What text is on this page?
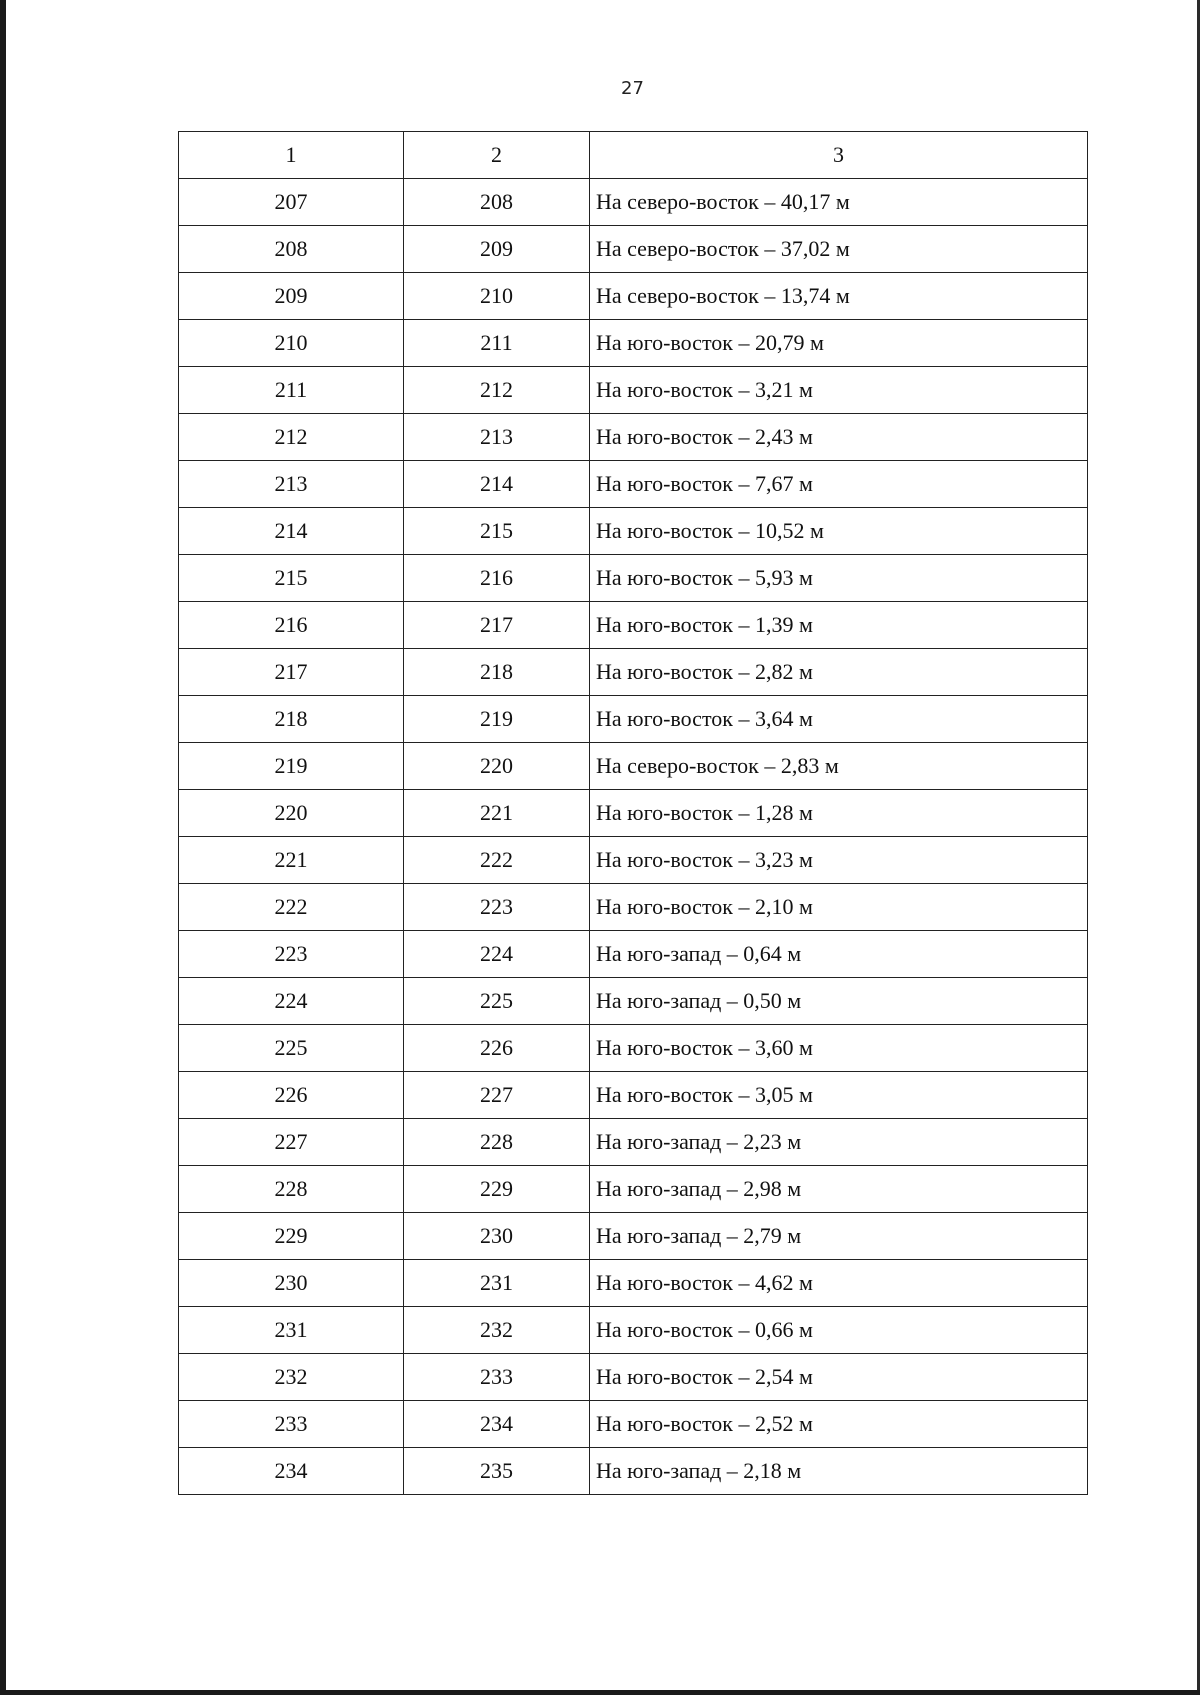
27
1	2	3
207	208	На северо-восток – 40,17 м
208	209	На северо-восток – 37,02 м
209	210	На северо-восток – 13,74 м
210	211	На юго-восток – 20,79 м
211	212	На юго-восток – 3,21 м
212	213	На юго-восток – 2,43 м
213	214	На юго-восток – 7,67 м
214	215	На юго-восток – 10,52 м
215	216	На юго-восток – 5,93 м
216	217	На юго-восток – 1,39 м
217	218	На юго-восток – 2,82 м
218	219	На юго-восток – 3,64 м
219	220	На северо-восток – 2,83 м
220	221	На юго-восток – 1,28 м
221	222	На юго-восток – 3,23 м
222	223	На юго-восток – 2,10 м
223	224	На юго-запад – 0,64 м
224	225	На юго-запад – 0,50 м
225	226	На юго-восток – 3,60 м
226	227	На юго-восток – 3,05 м
227	228	На юго-запад – 2,23 м
228	229	На юго-запад – 2,98 м
229	230	На юго-запад – 2,79 м
230	231	На юго-восток – 4,62 м
231	232	На юго-восток – 0,66 м
232	233	На юго-восток – 2,54 м
233	234	На юго-восток – 2,52 м
234	235	На юго-запад – 2,18 м
